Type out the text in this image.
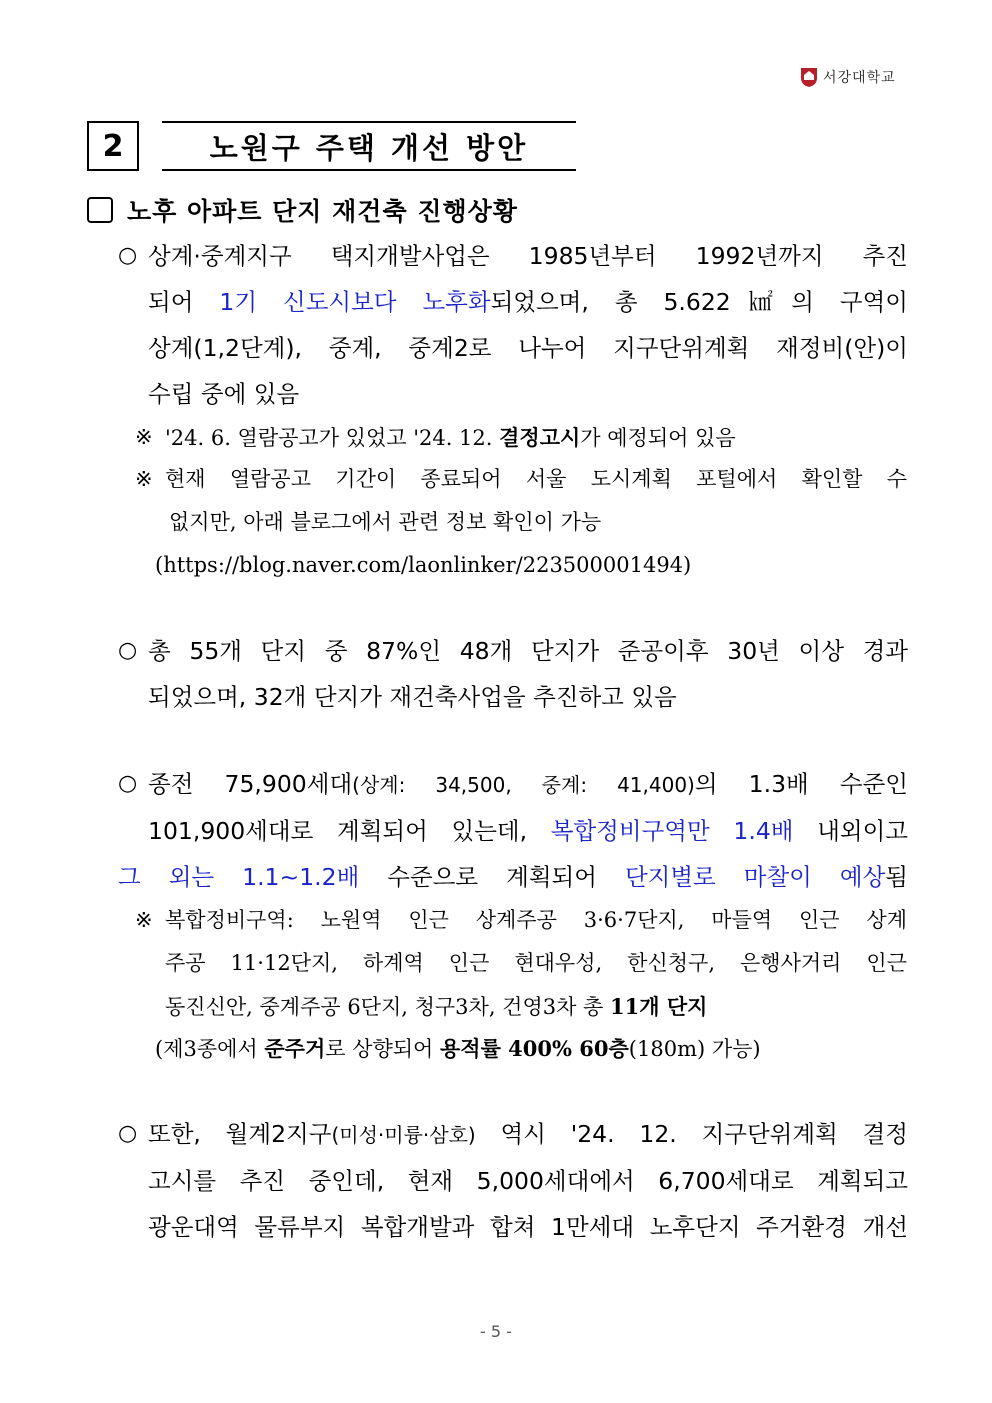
서강대학교
2	노원구 주택 개선 방안
노후 아파트 단지 재건축 진행상황
○ 상계·중계지구 택지개발사업은 1985년부터 1992년까지 추진
되어 1기 신도시보다 노후화되었으며, 총 5.622㎢의 구역이
상계(1,2단계), 중계, 중계2로 나누어 지구단위계획 재정비(안)이
수립 중에 있음
※ '24. 6. 열람공고가 있었고 '24. 12. 결정고시가 예정되어 있음
※ 현재 열람공고 기간이 종료되어 서울 도시계획 포털에서 확인할 수
없지만, 아래 블로그에서 관련 정보 확인이 가능
(https://blog.naver.com/laonlinker/223500001494)
○ 총 55개 단지 중 87%인 48개 단지가 준공이후 30년 이상 경과
되었으며, 32개 단지가 재건축사업을 추진하고 있음
○ 종전 75,900세대(상계: 34,500, 중계: 41,400)의 1.3배 수준인
101,900세대로 계획되어 있는데, 복합정비구역만 1.4배 내외이고
그 외는 1.1~1.2배 수준으로 계획되어 단지별로 마찰이 예상됨
※ 복합정비구역: 노원역 인근 상계주공 3·6·7단지, 마들역 인근 상계
주공 11·12단지, 하계역 인근 현대우성, 한신청구, 은행사거리 인근
동진신안, 중계주공 6단지, 청구3차, 건영3차 총 11개 단지
(제3종에서 준주거로 상향되어 용적률 400% 60층(180m) 가능)
○ 또한, 월계2지구(미성·미륭·삼호) 역시 '24. 12. 지구단위계획 결정
고시를 추진 중인데, 현재 5,000세대에서 6,700세대로 계획되고
광운대역 물류부지 복합개발과 합쳐 1만세대 노후단지 주거환경 개선
- 5 -
